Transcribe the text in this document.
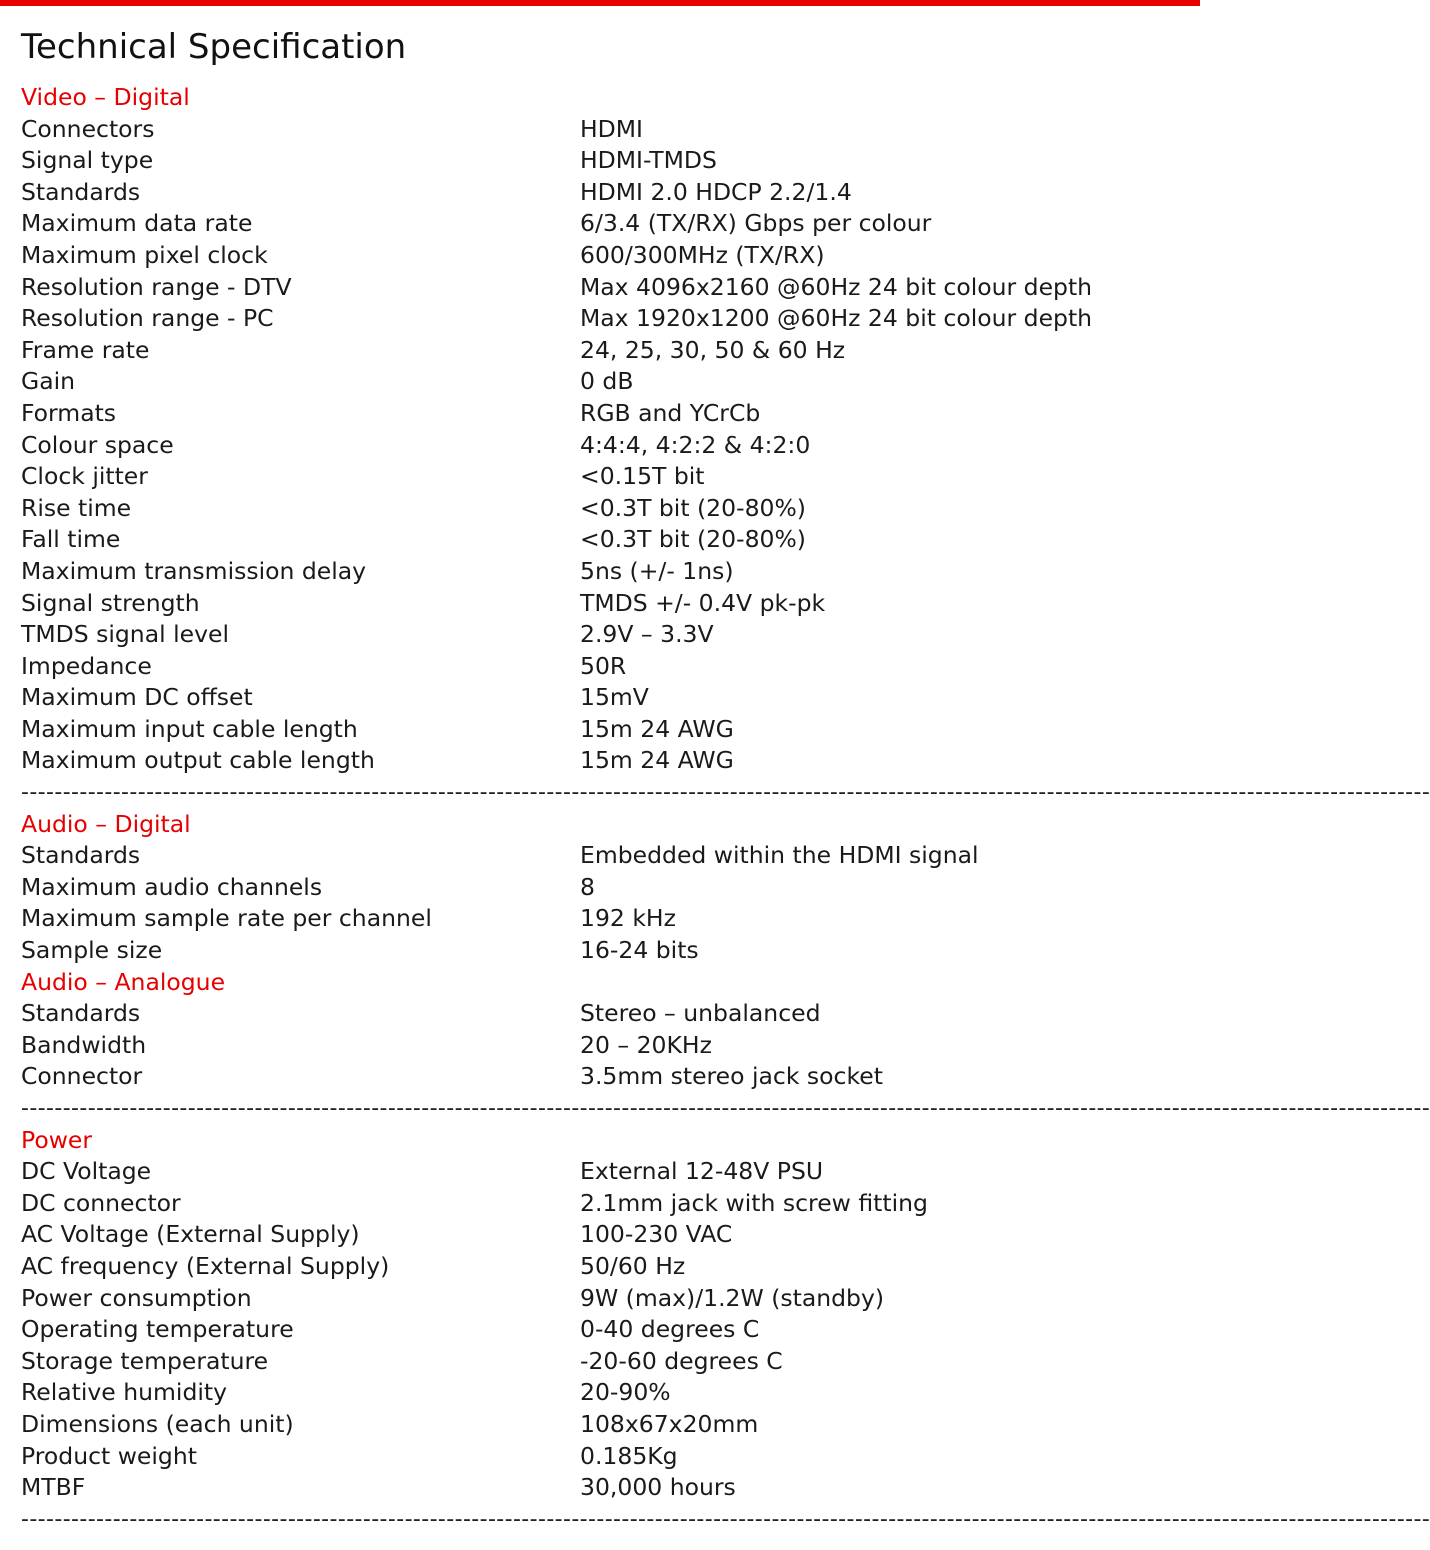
Technical Specification
Video – Digital
Connectors	HDMI
Signal type	HDMI-TMDS
Standards	HDMI 2.0 HDCP 2.2/1.4
Maximum data rate	6/3.4 (TX/RX) Gbps per colour
Maximum pixel clock	600/300MHz (TX/RX)
Resolution range - DTV	Max 4096x2160 @60Hz 24 bit colour depth
Resolution range - PC	Max 1920x1200 @60Hz 24 bit colour depth
Frame rate	24, 25, 30, 50 & 60 Hz
Gain	0 dB
Formats	RGB and YCrCb
Colour space	4:4:4, 4:2:2 & 4:2:0
Clock jitter	<0.15T bit
Rise time	<0.3T bit (20-80%)
Fall time	<0.3T bit (20-80%)
Maximum transmission delay	5ns (+/- 1ns)
Signal strength	TMDS +/- 0.4V pk-pk
TMDS signal level	2.9V – 3.3V
Impedance	50R
Maximum DC offset	15mV
Maximum input cable length	15m 24 AWG
Maximum output cable length	15m 24 AWG
-------------------------------------------------------------------------------------------------------------------------------------------------------------------------
Audio – Digital
Standards	Embedded within the HDMI signal
Maximum audio channels	8
Maximum sample rate per channel	192 kHz
Sample size	16-24 bits
Audio – Analogue
Standards	Stereo – unbalanced
Bandwidth	20 – 20KHz
Connector	3.5mm stereo jack socket
-------------------------------------------------------------------------------------------------------------------------------------------------------------------------
Power
DC Voltage	External 12-48V PSU
DC connector	2.1mm jack with screw fitting
AC Voltage (External Supply)	100-230 VAC
AC frequency (External Supply)	50/60 Hz
Power consumption	9W (max)/1.2W (standby)
Operating temperature	0-40 degrees C
Storage temperature	-20-60 degrees C
Relative humidity	20-90%
Dimensions (each unit)	108x67x20mm
Product weight	0.185Kg
MTBF	30,000 hours
-------------------------------------------------------------------------------------------------------------------------------------------------------------------------
